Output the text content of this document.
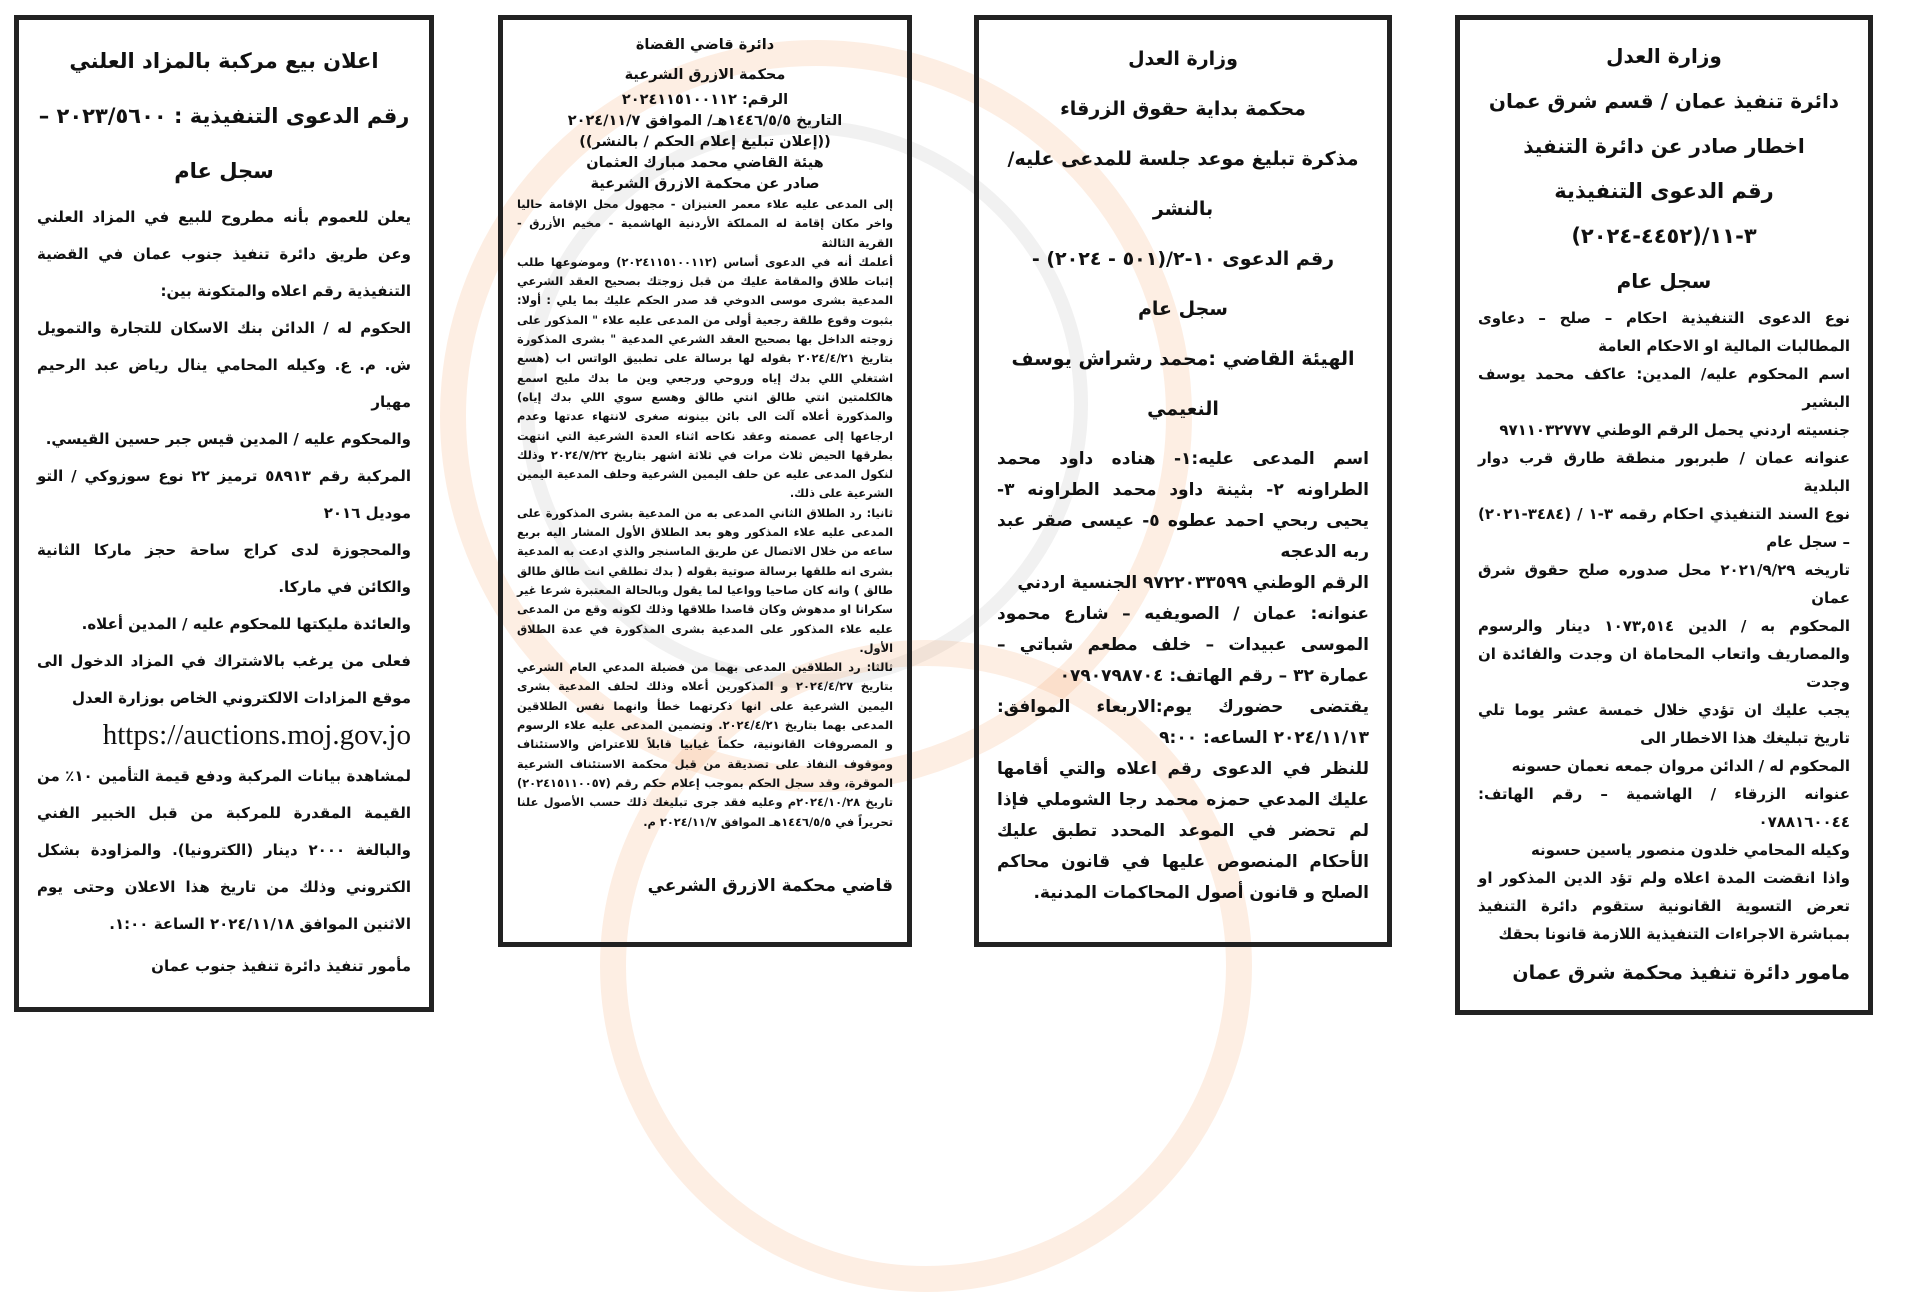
اعلان بيع مركبة بالمزاد العلني
رقم الدعوى التنفيذية : ٢٠٢٣/٥٦٠٠ –
سجل عام

يعلن للعموم بأنه مطروح للبيع في المزاد العلني وعن طريق دائرة تنفيذ جنوب عمان في القضية التنفيذية رقم اعلاه والمتكونة بين:

الحكوم له / الدائن بنك الاسكان للتجارة والتمويل ش. م. ع. وكيله المحامي ينال رياض عبد الرحيم مهيار

والمحكوم عليه / المدين قيس جبر حسين القيسي.

المركبة رقم ٥٨٩١٣ ترميز ٢٢ نوع سوزوكي / التو موديل ٢٠١٦

والمحجوزة لدى كراج ساحة حجز ماركا الثانية والكائن في ماركا.

والعائدة مليكتها للمحكوم عليه / المدين أعلاه.

فعلى من يرغب بالاشتراك في المزاد الدخول الى موقع المزادات الالكتروني الخاص بوزارة العدل

https://auctions.moj.gov.jo

لمشاهدة بيانات المركبة ودفع قيمة التأمين ١٠٪ من القيمة المقدرة للمركبة من قبل الخبير الفني والبالغة ٢٠٠٠ دينار (الكترونيا). والمزاودة بشكل الكتروني وذلك من تاريخ هذا الاعلان وحتى يوم الاثنين الموافق ٢٠٢٤/١١/١٨ الساعة ١:٠٠.

مأمور تنفيذ دائرة تنفيذ جنوب عمان
دائرة قاضي القضاة
محكمة الازرق الشرعية
الرقم: ٢٠٢٤١١٥١٠٠١١٢
التاريخ ١٤٤٦/٥/٥هـ/ الموافق ٢٠٢٤/١١/٧
((إعلان تبليغ إعلام الحكم / بالنشر))
هيئة القاضي محمد مبارك العثمان
صادر عن محكمة الازرق الشرعية

إلى المدعى عليه علاء معمر العنيزان - مجهول محل الإقامة حاليا واخر مكان إقامة له المملكة الأردنية الهاشمية - مخيم الأزرق - القرية الثالثة

أعلمك أنه في الدعوى أساس (٢٠٢٤١١٥١٠٠١١٢) وموضوعها طلب إثبات طلاق والمقامة عليك من قبل زوجتك بصحيح العقد الشرعي المدعية بشرى موسى الدوخي قد صدر الحكم عليك بما يلي : أولا: بثبوت وقوع طلقة رجعية أولى من المدعى عليه علاء " المذكور على زوجته الداخل بها بصحيح العقد الشرعي المدعية " بشرى المذكورة بتاريخ ٢٠٢٤/٤/٢١ بقوله لها برسالة على تطبيق الواتس اب (هسع اشتغلي اللي بدك إياه وروحي ورجعي وين ما بدك مليح اسمع هالكلمتين انتي طالق انتي طالق وهسع سوي اللي بدك إياه) والمذكورة أعلاه آلت الى بائن بينونه صغرى لانتهاء عدتها وعدم ارجاعها إلى عصمته وعقد نكاحه اثناء العدة الشرعية التي انتهت بطرقها الحيض ثلاث مرات في ثلاثة اشهر بتاريخ ٢٠٢٤/٧/٢٢ وذلك لنكول المدعى عليه عن حلف اليمين الشرعية وحلف المدعية اليمين الشرعية على ذلك.

ثانيا: رد الطلاق الثاني المدعى به من المدعية بشرى المذكورة على المدعى عليه علاء المذكور وهو بعد الطلاق الأول المشار اليه بربع ساعه من خلال الاتصال عن طريق الماسنجر والذي ادعت به المدعية بشرى انه طلقها برسالة صوتية بقوله ( بدك تطلقي انت طالق طالق طالق ) وانه كان صاحيا وواعيا لما يقول وبالحالة المعتبرة شرعا غير سكرانا او مدهوش وكان قاصدا طلاقها وذلك لكونه وقع من المدعى عليه علاء المذكور على المدعية بشرى المذكورة في عدة الطلاق الأول.

ثالثا: رد الطلاقين المدعى بهما من فضيلة المدعي العام الشرعي بتاريخ ٢٠٢٤/٤/٢٧ و المذكورين أعلاه وذلك لحلف المدعية بشرى اليمين الشرعية على انها ذكرتهما خطأ وانهما نفس الطلاقين المدعى بهما بتاريخ ٢٠٢٤/٤/٢١. وتضمين المدعى عليه علاء الرسوم و المصروفات القانونية، حكماً غيابيا قابلاً للاعتراض والاستئناف وموقوف النفاذ على تصديقة من قبل محكمة الاستئناف الشرعية الموقرة، وقد سجل الحكم بموجب إعلام حكم رقم (٢٠٢٤١٥١١٠٠٥٧) تاريخ ٢٠٢٤/١٠/٢٨م وعليه فقد جرى تبليغك ذلك حسب الأصول علنا تحريراً في ١٤٤٦/٥/٥هـ الموافق ٢٠٢٤/١١/٧ م.

قاضي محكمة الازرق الشرعي
وزارة العدل
محكمة بداية حقوق الزرقاء
مذكرة تبليغ موعد جلسة للمدعى عليه/بالنشر
رقم الدعوى ١٠-٢/(٥٠١ - ٢٠٢٤) -
سجل عام
الهيئة القاضي :محمد رشراش يوسف النعيمي

اسم المدعى عليه:١- هناده داود محمد الطراونه ٢- بثينة داود محمد الطراونه ٣- يحيى ربحي احمد عطوه ٥- عيسى صقر عبد ربه الدعجه

الرقم الوطني ٩٧٢٢٠٣٣٥٩٩ الجنسية اردني

عنوانه: عمان / الصويفيه – شارع محمود الموسى عبيدات – خلف مطعم شباتي – عمارة ٣٢ – رقم الهاتف: ٠٧٩٠٧٩٨٧٠٤

يقتضى حضورك يوم:الاربعاء الموافق: ٢٠٢٤/١١/١٣ الساعه: ٩:٠٠

للنظر في الدعوى رقم اعلاه والتي أقامها عليك المدعي حمزه محمد رجا الشوملي فإذا لم تحضر في الموعد المحدد تطبق عليك الأحكام المنصوص عليها في قانون محاكم الصلح و قانون أصول المحاكمات المدنية.

وزارة العدل
دائرة تنفيذ عمان / قسم شرق عمان
اخطار صادر عن دائرة التنفيذ
رقم الدعوى التنفيذية ٣-١١/(٤٤٥٢-٢٠٢٤)
سجل عام

نوع الدعوى التنفيذية احكام – صلح – دعاوى المطالبات المالية او الاحكام العامة

اسم المحكوم عليه/ المدين: عاكف محمد يوسف البشير

جنسيته اردني يحمل الرقم الوطني ٩٧١١٠٣٢٧٧٧

عنوانه عمان / طبربور منطقة طارق قرب دوار البلدية

نوع السند التنفيذي احكام رقمه ٣-١ / (٣٤٨٤-٢٠٢١) – سجل عام

تاريخه ٢٠٢١/٩/٢٩ محل صدوره صلح حقوق شرق عمان

المحكوم به / الدين ١٠٧٣,٥١٤ دينار والرسوم والمصاريف واتعاب المحاماة ان وجدت والفائدة ان وجدت

يجب عليك ان تؤدي خلال خمسة عشر يوما تلي تاريخ تبليغك هذا الاخطار الى

المحكوم له / الدائن مروان جمعه نعمان حسونه

عنوانه الزرقاء / الهاشمية – رقم الهاتف: ٠٧٨٨١٦٠٠٤٤

وكيله المحامي خلدون منصور ياسين حسونه

واذا انقضت المدة اعلاه ولم تؤد الدين المذكور او تعرض التسوية القانونية ستقوم دائرة التنفيذ بمباشرة الاجراءات التنفيذية اللازمة قانونا بحقك

مامور دائرة تنفيذ محكمة شرق عمان
